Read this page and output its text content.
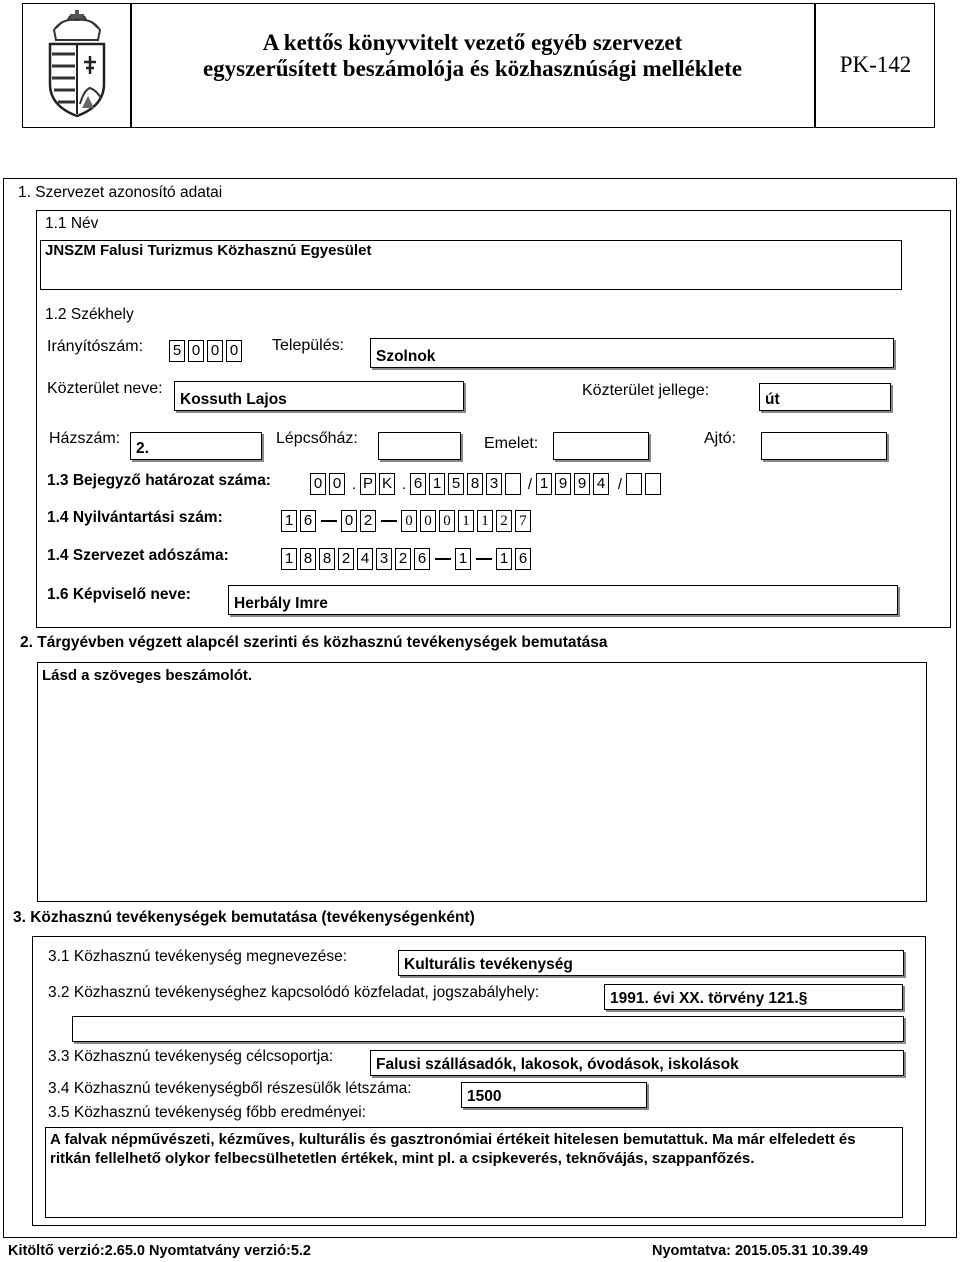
A kettős könyvvitelt vezető egyéb szervezet
egyszerűsített beszámolója és közhasznúsági melléklete	PK-142
1. Szervezet azonosító adatai
1.1 Név
JNSZM Falusi Turizmus Közhasznú Egyesület
1.2 Székhely
Irányítószám: 5 0 0 0 Település:
Szolnok
Közterület neve:
Kossuth Lajos
Közterület jellege:
út
Házszám:
2.
Lépcsőház:	Emelet:	Ajtó:
1.3 Bejegyző határozat száma:	0 0 . P K . 6 1 5 8 3 / 1 9 9 4 /
1.4 Nyilvántartási szám:	1 6 0 2 0 0 0 1 1 2 7
1.4 Szervezet adószáma:	1 8 8 2 4 3 2 6 1 1 6
1.6 Képviselő neve:
Herbály Imre
2. Tárgyévben végzett alapcél szerinti és közhasznú tevékenységek bemutatása
Lásd a szöveges beszámolót.
3. Közhasznú tevékenységek bemutatása (tevékenységenként)
3.1 Közhasznú tevékenység megnevezése:	Kulturális tevékenység
3.2 Közhasznú tevékenységhez kapcsolódó közfeladat, jogszabályhely:	1991. évi XX. törvény 121.§
3.3 Közhasznú tevékenység célcsoportja:	Falusi szállásadók, lakosok, óvodások, iskolások
3.4 Közhasznú tevékenységből részesülők létszáma:	1500
3.5 Közhasznú tevékenység főbb eredményei:
A falvak népművészeti, kézműves, kulturális és gasztronómiai értékeit hitelesen bemutattuk. Ma már elfeledett és ritkán fellelhető olykor felbecsülhetetlen értékek, mint pl. a csipkeverés, teknővájás, szappanfőzés.
Kitöltő verzió:2.65.0 Nyomtatvány verzió:5.2	Nyomtatva: 2015.05.31 10.39.49
